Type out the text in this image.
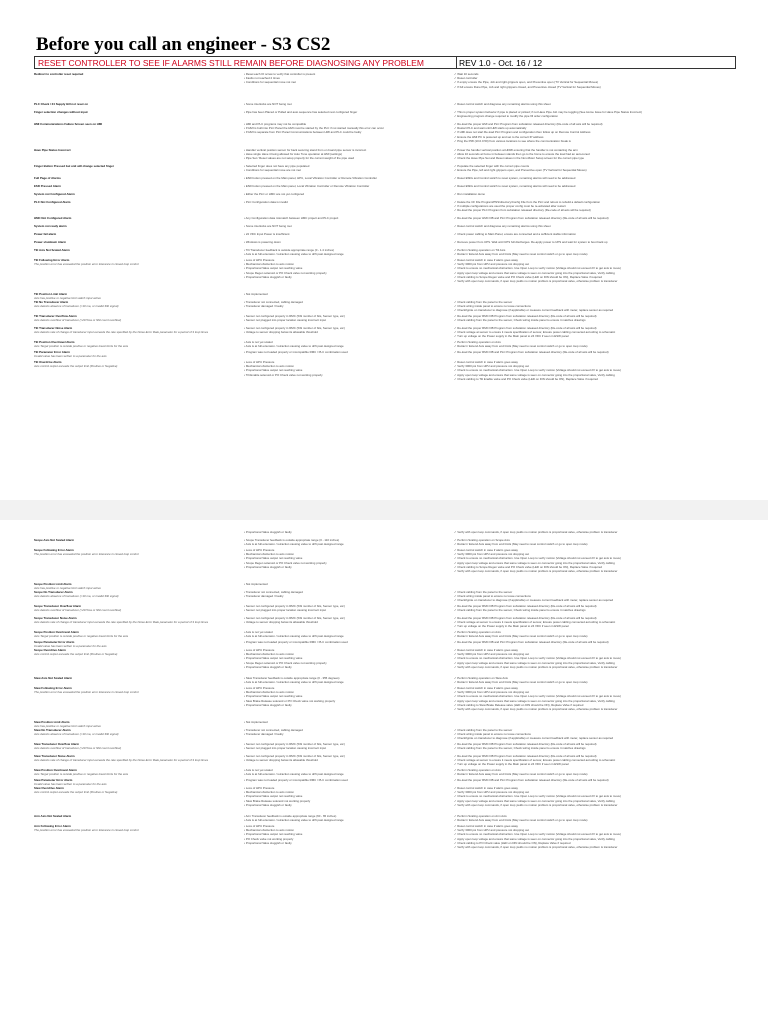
Before you call an engineer - S3 CS2
RESET CONTROLLER TO SEE IF ALARMS STILL REMAIN BEFORE DIAGNOSING ANY PROBLEM	REV 1.0 - Oct. 16 / 12
Redirect to controller reset required	• Reset each IO screw to verify that controller is present
• Faults not reached 2 times
• Conditions for sequential move not met
✓ Wait 10 seconds
✓ Reset controller
✓ If empty ensure the Pipe, Job and right grippers open, and Preventive open (TV Vertical for Sequential Moves)
✓ If full ensure Rune Pipe, Job and right grippers closed, and Preventive closed (TV Vertical for Sequential Moves)
PLC Check / 24 Supply Hill not reset on	• Some interlocks are NOT being met	✓ Reset control switch and diagnose any remaining alarms using this sheet
Finger selection changes without input	• Pipe has been Placed or Pulled and auto sequence has selected next configured finger	✓ This is proper system behavior if pipe is placed or picked; if not Have Pipe Job may be toggling (See Home Issue for Have Pipe Status Incorrect)
✓ Engineering program change required to modify the pipe fill order configuration
HMI Communications Failure Screen seen on HMI	• HMI and PLC programs may not be compatible
• If HMI is built into PLC Panel the HMI must be started by the PLC if not started manually this error can occur
• If HMI is separate from PLC Panel Communications between HMI and PLC could be faulty
✓ Re-load the proper HMI and PLC Program from substation released directory (Re-code of all axis will be required)
✓ Restart PLC and wait until HMI starts up automatically
✓ If HMI does not start Re-load PLC Program and configuration then follow up on Remote Control Address
✓ Ensure the HMI PC is powered up and set to the correct IP address
✓ Ping the PMI (10.0.0.50) from various locations to see where the communication break is
Have Pipe Status Incorrect	• Handler vertical position sensor for back securing stand from on board pipe sensor is incorrect
• Have single Have it being allowed for Auto Tune operation at HMI (settings)
• Pipe Set / Reset values are not setup properly for the current weight of the pipe used
✓ Power the handler vertical position at HDMI ensuring that the handler is not contacting the arm
✓ Allow 10 seconds at home in between stands then go to the home to ensure the load had an auto-tuned
✓ Check the Have Pipe Set and Reset values in the Non-Motor Setup screen for the correct pipe type
Finger Button Pressed but unit will change selected finger	• Selected finger does not have any pipe populated
• Conditions for sequential move are not met
✓ Populate the selected finger with the correct pipe counts
✓ Ensure the Pipe, left and right grippers open, and Preventive open (TV Vertical for Sequential Moves)
Full Page of Alarms	• ESD button pressed on the Main panel, HPU, Local Vibration Controller or Remote Vibration Controller	✓ Reset ESDs and Control switch to reset system, remaining alarms will need to be addressed
ESD Pressed Alarm	• ESD button pressed on the Main panel, Local Vibration Controller or Remote Vibration Controller	✓ Reset ESDs and Control switch to reset system, remaining alarms will need to be addressed
System not Configured Alarm	• Either the PLC or HMC are not yet configured	✓ Run installation demo
PLC Not Configured Alarm	• PLC Configuration data is invalid	✓ Delete the CF File Program/PNS/directory/Config File from the PLC and reboot to rebuild a default configuration
✓ If multiple configurations are used the proper config must be re-activated after restart
✓ Re-load the proper PLC Program from substation released directory (Re-code of all axis will be required)
HMC Not Configured Alarm	• Any Configuration data mismatch between HMC project and PLC project	✓ Re-load the proper HMC DB and PLC Program from substation released directory (Re-code of all axis will be required)
System not ready alarm	• Some interlocks are NOT being met	✓ Reset control switch and diagnose any remaining alarms using this sheet
Power fail alarm	• 24 VDC Input Power is insufficient	✓ Check power cabling to Main Panel, ensure are connected and a sufficient stable information
Power shutdown Alarm	• Windows is powering down	✓ Remove power from UPS. Wait until UPS full discharges. Re-apply power to UPS and wait for system to boot back up
Tilt Axis Not Scaled Alarm	• Tilt Transducer feedback is outside appropriate range (0 - 1.4 inches)
• Axis is at full extension / retraction causing value to drift past designed range
✓ Perform Scaling operation on Tilt Axis
✓ Retract / Extend Axis away from end limits (May need to reset control switch or go to open loop mode)
Tilt Following Error Alarm
The position error has exceeded the position error tolerance in closed loop control
• Loss of HPU Pressure
• Mechanical obstruction to axis motion
• Proportional Valve output not reaching valve
• Scope Regen solenoid or PO Check valve not working properly
• Proportional Valve sluggish or faulty
✓ Reset control switch in case if alarm goes away
✓ Verify 3000 psi from HPU and pressure not dropping out
✓ Check to ensure no mechanical obstruction. Use Open Loop to verify motion (Voltage should not exceed 2V to get axis to move)
✓ Apply open loop voltage and ensure that same voltage is seen on connector going into the proportional valve, Verify cabling
✓ Check cabling to Scope Regen valve and PO Check valve (LED on DIN should be ON), Replace Valve if required
✓ Verify with open loop commands, if open loop yields no motion problem is proportional valve, otherwise problem is transducer
Tilt Position Limit Alarm
Axis has positive or negative limit switch input active
• Not implemented
Tilt No Transducer Alarm
Axis detects absence of transducer (<10 ma, or invalid SSI signal)
• Transducer not connected, cabling damaged
• Transducer damaged / Faulty
✓ Check cabling from the panel to the sensor
✓ Check wiring inside panel to ensure no loose connections
✓ Check/Ignite on transducer to diagnose (if applicable) or measure current feedback with meter, replace sensor as required
Tilt Transducer Overflow Alarm
Axis detects overflow of transducer (>20.5ma or SSI count overflow)
• Sensor not configured properly in RMC (SSI number of bits, Sensor type, etc)
• Sensor not plugged into proper location causing incorrect input
✓ Re-load the proper RMC DB Program from substation released directory (Re-code of all axis will be required)
✓ Check cabling from the panel to the sensor, Check wiring inside panel to ensure it matches drawings
Tilt Transducer Noise Alarm
Axis detects rate of change of transducer input exceeds the rate specified by the Noise Error Rate parameter for a period of 3 loop times
• Sensor not configured properly in RMC (SSI number of bits, Sensor type, etc)
• Voltage to sensor dropping below its allowable threshold
✓ Re-load the proper RMC DB Program from substation released directory (Re-code of all axis will be required)
✓ Check voltage at sensor to ensure it meets specification of sensor, Ensure power cabling connected according to schematic
✓ Turn up voltage on the Power supply in the Main panel to 24 VDC if seen in ESW panel
Tilt Position Overtravel Alarm
Axis Target position is outside positive or negative travel limits for the axis
• Axis is not yet scaled
• Axis is at full extension / retraction causing value to drift past designed range
✓ Perform Scaling operation on Axis
✓ Retract / Extend Axis away from end limits (May need to reset control switch or go to open loop mode)
Tilt Parameter Error Alarm
Invalid value has been written to a parameter for the axis
• Program was not loaded properly or incompatible RMC / PLC combination used	✓ Re-load the proper RMC DB and PLC Program from substation released directory (Re-code of all axis will be required)
Tilt Overdrive Alarm
Axis control output exceeds the output limit (Positive or Negative)
• Loss of HPU Pressure
• Mechanical obstruction to axis motion
• Proportional Valve output not reaching valve
• Tilt Enable solenoid or PO Check valve not working properly
✓ Reset control switch in case if alarm goes away
✓ Verify 3000 psi from HPU and pressure not dropping out
✓ Check to ensure no mechanical obstruction. Use Open Loop to verify motion (Voltage should not exceed 2V to get axis to move)
✓ Apply open loop voltage and ensure that same voltage is seen on connector going into the proportional valve, Verify cabling
✓ Check cabling to Tilt Enable valve and PO Check valve (LED on DIN should be ON), Replace Valve if required
• Proportional Valve sluggish or faulty	✓ Verify with open loop commands, if open loop yields no motion problem is proportional valve, otherwise problem is transducer
Scope Axis Not Scaled Alarm	• Scope Transducer feedback is outside appropriate range (0 - 110 inches)
• Axis is at full extension / retraction causing value to drift past designed range
✓ Perform Scaling operation on Scope Axis
✓ Retract / Extend Axis away from end limits (May need to reset control switch or go to open loop mode)
Scope Following Error Alarm
The position error has exceeded the position error tolerance in closed loop control
• Loss of HPU Pressure
• Mechanical obstruction to axis motion
• Proportional Valve output not reaching valve
• Scope Regen solenoid or PO Check valve not working properly
• Proportional Valve sluggish or faulty
✓ Reset control switch in case if alarm goes away
✓ Verify 3000 psi from HPU and pressure not dropping out
✓ Check to ensure no mechanical obstruction. Use Open Loop to verify motion (Voltage should not exceed 2V to get axis to move)
✓ Apply open loop voltage and ensure that same voltage is seen on connector going into the proportional valve, Verify cabling
✓ Check cabling to Scope Regen valve and PO Check valve (LED on DIN should be ON), Replace Valve if required
✓ Verify with open loop commands, if open loop yields no motion problem is proportional valve, otherwise problem is transducer
Scope Position Limit Alarm
Axis has positive or negative limit switch input active
• Not implemented
Scope No Transducer Alarm
Axis detects absence of transducer (<10 ma, or invalid SSI signal)
• Transducer not connected, cabling damaged
• Transducer damaged / Faulty
✓ Check cabling from the panel to the sensor
✓ Check wiring inside panel to ensure no loose connections
✓ Check/Ignite on transducer to diagnose (if applicable) or measure current feedback with meter, replace sensor as required
Scope Transducer Overflow Alarm
Axis detects overflow of transducer (>20.5ma or SSI count overflow)
• Sensor not configured properly in RMC (SSI number of bits, Sensor type, etc)
• Sensor not plugged into proper location causing incorrect input
✓ Re-load the proper RMC DB Program from substation released directory (Re-code of all axis will be required)
✓ Check cabling from the panel to the sensor, Check wiring inside panel to ensure it matches drawings
Scope Transducer Noise Alarm
Axis detects rate of change of transducer input exceeds the rate specified by the Noise Error Rate parameter for a period of 3 loop times
• Sensor not configured properly in RMC (SSI number of bits, Sensor type, etc)
• Voltage to sensor dropping below its allowable threshold
✓ Re-load the proper RMC DB Program from substation released directory (Re-code of all axis will be required)
✓ Check voltage at sensor to ensure it meets specification of sensor, Ensure power cabling connected according to schematic
✓ Turn up voltage on the Power supply in the Main panel to 24 VDC if seen in ESW panel
Scope Position Overtravel Alarm
Axis Target position is outside positive or negative travel limits for the axis
• Axis is not yet scaled
• Axis is at full extension / retraction causing value to drift past designed range
✓ Perform Scaling operation on Axis
✓ Retract / Extend Axis away from end limits (May need to reset control switch or go to open loop mode)
Scope Parameter Error Alarm
Invalid value has been written to a parameter for the axis
• Program was not loaded properly or incompatible RMC / PLC combination used	✓ Re-load the proper RMC DB and PLC Program from substation released directory (Re-code of all axis will be required)
Scope Overdrive Alarm
Axis control output exceeds the output limit (Positive or Negative)
• Loss of HPU Pressure
• Mechanical obstruction to axis motion
• Proportional Valve output not reaching valve
• Scope Regen solenoid or PO Check valve not working properly
• Proportional Valve sluggish or faulty
✓ Reset control switch in case if alarm goes away
✓ Verify 3000 psi from HPU and pressure not dropping out
✓ Check to ensure no mechanical obstruction. Use Open Loop to verify motion (Voltage should not exceed 2V to get axis to move)
✓ Apply open loop voltage and ensure that same voltage is seen on connector going into the proportional valve, Verify cabling
✓ Verify with open loop commands, if open loop yields no motion problem is proportional valve, otherwise problem is transducer
Slew Axis Not Scaled Alarm	• Slew Transducer feedback is outside appropriate range (0 - 355 degrees)
• Axis is at full extension / retraction causing value to drift past designed range
✓ Perform Scaling operation on Slew Axis
✓ Retract / Extend Axis away from end limits (May need to reset control switch or go to open loop mode)
Slew Following Error Alarm
The position error has exceeded the position error tolerance in closed loop control
• Loss of HPU Pressure
• Mechanical obstruction to axis motion
• Proportional Valve output not reaching valve
• Slew Brake Release solenoid or PO Check valve not working properly
• Proportional Valve sluggish or faulty
✓ Reset control switch in case if alarm goes away
✓ Verify 3000 psi from HPU and pressure not dropping out
✓ Check to ensure no mechanical obstruction. Use Open Loop to verify motion (Voltage should not exceed 2V to get axis to move)
✓ Apply open loop voltage and ensure that same voltage is seen on connector going into the proportional valve, Verify cabling
✓ Check cabling to Slew Brake Release valve (LED on DIN should be ON), Replace Valve if required
✓ Verify with open loop commands, if open loop yields no motion problem is proportional valve, otherwise problem is transducer
Slew Position Limit Alarm
Axis has positive or negative limit switch input active
• Not implemented
Slew No Transducer Alarm
Axis detects absence of transducer (<10 ma, or invalid SSI signal)
• Transducer not connected, cabling damaged
• Transducer damaged / Faulty
✓ Check cabling from the panel to the sensor
✓ Check wiring inside panel to ensure no loose connections
✓ Check/Ignite on transducer to diagnose (if applicable) or measure current feedback with meter, replace sensor as required
Slew Transducer Overflow Alarm
Axis detects overflow of transducer (>20.5ma or SSI count overflow)
• Sensor not configured properly in RMC (SSI number of bits, Sensor type, etc)
• Sensor not plugged into proper location causing incorrect input
✓ Re-load the proper RMC DB Program from substation released directory (Re-code of all axis will be required)
✓ Check cabling from the panel to the sensor, Check wiring inside panel to ensure it matches drawings
Slew Transducer Noise Alarm
Axis detects rate of change of transducer input exceeds the rate specified by the Noise Error Rate parameter for a period of 3 loop times
• Sensor not configured properly in RMC (SSI number of bits, Sensor type, etc)
• Voltage to sensor dropping below its allowable threshold
✓ Re-load the proper RMC DB Program from substation released directory (Re-code of all axis will be required)
✓ Check voltage at sensor to ensure it meets specification of sensor, Ensure power cabling connected according to schematic
✓ Turn up voltage on the Power supply in the Main panel to 24 VDC if seen in ESW panel
Slew Position Overtravel Alarm
Axis Target position is outside positive or negative travel limits for the axis
• Axis is not yet scaled
• Axis is at full extension / retraction causing value to drift past designed range
✓ Perform Scaling operation on Axis
✓ Retract / Extend Axis away from end limits (May need to reset control switch or go to open loop mode)
Slew Parameter Error Alarm
Invalid value has been written to a parameter for the axis
• Program was not loaded properly or incompatible RMC / PLC combination used	✓ Re-load the proper RMC DB and PLC Program from substation released directory (Re-code of all axis will be required)
Slew Overdrive Alarm
Axis control output exceeds the output limit (Positive or Negative)
• Loss of HPU Pressure
• Mechanical obstruction to axis motion
• Proportional Valve output not reaching valve
• Slew Brake Release solenoid not working properly
• Proportional Valve sluggish or faulty
✓ Reset control switch in case if alarm goes away
✓ Verify 3000 psi from HPU and pressure not dropping out
✓ Check to ensure no mechanical obstruction. Use Open Loop to verify motion (Voltage should not exceed 2V to get axis to move)
✓ Apply open loop voltage and ensure that same voltage is seen on connector going into the proportional valve, Verify cabling
✓ Verify with open loop commands, if open loop yields no motion problem is proportional valve, otherwise problem is transducer
Arm Axis Not Scaled Alarm	• Arm Transducer feedback is outside appropriate range (60 - 65 inches)
• Axis is at full extension / retraction causing value to drift past designed range
✓ Perform Scaling operation on Arm Axis
✓ Retract / Extend Axis away from end limits (May need to reset control switch or go to open loop mode)
Arm Following Error Alarm
The position error has exceeded the position error tolerance in closed loop control
• Loss of HPU Pressure
• Mechanical obstruction to axis motion
• Proportional Valve output not reaching valve
• PO Check valve not working properly
• Proportional Valve sluggish or faulty
✓ Reset control switch in case if alarm goes away
✓ Verify 3000 psi from HPU and pressure not dropping out
✓ Check to ensure no mechanical obstruction. Use Open Loop to verify motion (Voltage should not exceed 2V to get axis to move)
✓ Apply open loop voltage and ensure that same voltage is seen on connector going into the proportional valve, Verify cabling
✓ Check cabling to PO Check valve (LED on DIN should be ON), Replace Valve if required
✓ Verify with open loop commands, if open loop yields no motion problem is proportional valve, otherwise problem is transducer
